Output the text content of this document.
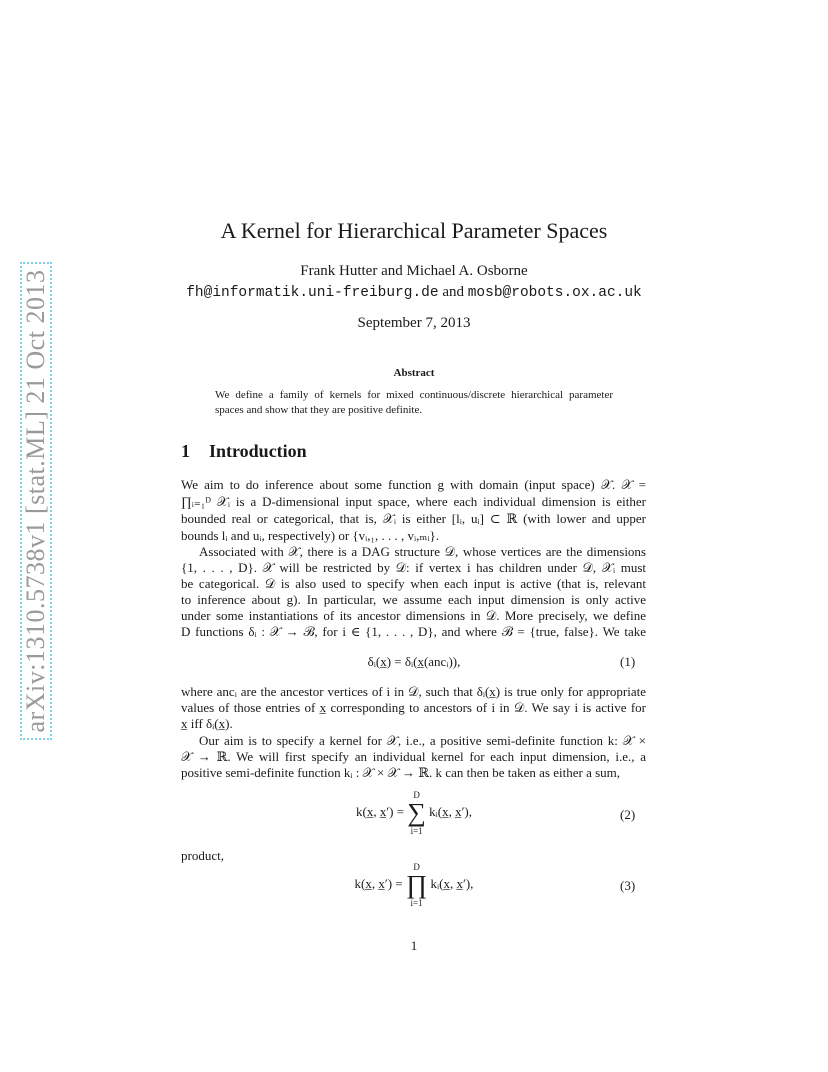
arXiv:1310.5738v1 [stat.ML] 21 Oct 2013
A Kernel for Hierarchical Parameter Spaces
Frank Hutter and Michael A. Osborne
fh@informatik.uni-freiburg.de and mosb@robots.ox.ac.uk
September 7, 2013
Abstract
We define a family of kernels for mixed continuous/discrete hierarchical parameter
spaces and show that they are positive definite.
1 Introduction
We aim to do inference about some function g with domain (input space) 𝒳. 𝒳 =
∏ᵢ₌₁ᴰ 𝒳ᵢ is a D-dimensional input space, where each individual dimension is either
bounded real or categorical, that is, 𝒳ᵢ is either [lᵢ, uᵢ] ⊂ ℝ (with lower and upper
bounds lᵢ and uᵢ, respectively) or {vᵢ,₁, . . . , vᵢ,ₘᵢ}.
Associated with 𝒳, there is a DAG structure 𝒟, whose vertices are the dimensions
{1, . . . , D}. 𝒳 will be restricted by 𝒟: if vertex i has children under 𝒟, 𝒳ᵢ must
be categorical. 𝒟 is also used to specify when each input is active (that is, relevant
to inference about g). In particular, we assume each input dimension is only active
under some instantiations of its ancestor dimensions in 𝒟. More precisely, we define
D functions δᵢ : 𝒳 → ℬ, for i ∈ {1, . . . , D}, and where ℬ = {true, false}. We take
δᵢ(x̲) = δᵢ(x̲(ancᵢ)),	(1)
where ancᵢ are the ancestor vertices of i in 𝒟, such that δᵢ(x̲) is true only for appropriate
values of those entries of x̲ corresponding to ancestors of i in 𝒟. We say i is active for
x̲ iff δᵢ(x̲).
Our aim is to specify a kernel for 𝒳, i.e., a positive semi-definite function k: 𝒳 ×
𝒳 → ℝ. We will first specify an individual kernel for each input dimension, i.e., a
positive semi-definite function kᵢ : 𝒳 × 𝒳 → ℝ. k can then be taken as either a sum,
k(x̲, x̲′) =
D
∑
i=1
kᵢ(x̲, x̲′),	(2)
product,
k(x̲, x̲′) =
D
∏
i=1
kᵢ(x̲, x̲′),	(3)
1
